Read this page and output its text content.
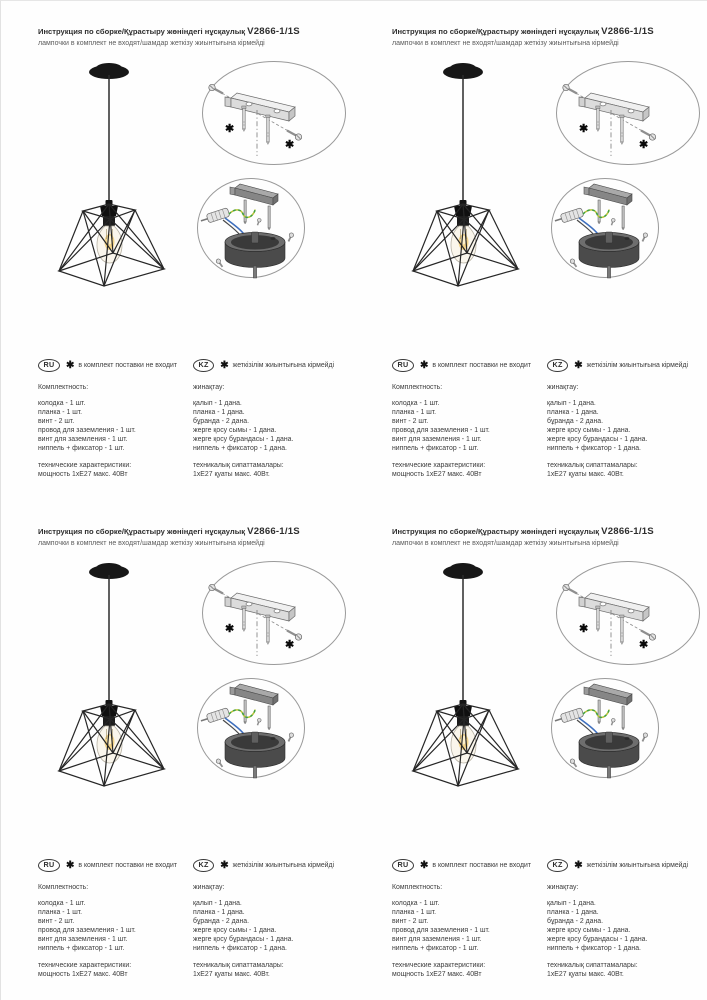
Инструкция по сборке/Құрастыру жөніндегі нұсқаулық V2866-1/1S
лампочки в комплект не входят/шамдар жеткізу жиынтығына кірмейді
✱
✱
RU	✱ в комплект поставки не входит
Комплектность:
колодка - 1 шт.
планка - 1 шт.
винт - 2 шт.
провод для заземления - 1 шт.
винт для заземления - 1 шт.
ниппель + фиксатор - 1 шт.
технические характеристики:
мощность 1хЕ27 макс. 40Вт
KZ	✱ жеткізілім жиынтығына кірмейді
жинақтау:
қалып - 1 дана.
планка - 1 дана.
бұранда - 2 дана.
жерге қосу сымы - 1 дана.
жерге қосу бұрандасы - 1 дана.
ниппель + фиксатор - 1 дана.
техникалық сипаттамалары:
1хЕ27 қуаты макс. 40Вт.
Инструкция по сборке/Құрастыру жөніндегі нұсқаулық V2866-1/1S
лампочки в комплект не входят/шамдар жеткізу жиынтығына кірмейді
✱
✱
RU	✱ в комплект поставки не входит
Комплектность:
колодка - 1 шт.
планка - 1 шт.
винт - 2 шт.
провод для заземления - 1 шт.
винт для заземления - 1 шт.
ниппель + фиксатор - 1 шт.
технические характеристики:
мощность 1хЕ27 макс. 40Вт
KZ	✱ жеткізілім жиынтығына кірмейді
жинақтау:
қалып - 1 дана.
планка - 1 дана.
бұранда - 2 дана.
жерге қосу сымы - 1 дана.
жерге қосу бұрандасы - 1 дана.
ниппель + фиксатор - 1 дана.
техникалық сипаттамалары:
1хЕ27 қуаты макс. 40Вт.
Инструкция по сборке/Құрастыру жөніндегі нұсқаулық V2866-1/1S
лампочки в комплект не входят/шамдар жеткізу жиынтығына кірмейді
✱
✱
RU	✱ в комплект поставки не входит
Комплектность:
колодка - 1 шт.
планка - 1 шт.
винт - 2 шт.
провод для заземления - 1 шт.
винт для заземления - 1 шт.
ниппель + фиксатор - 1 шт.
технические характеристики:
мощность 1хЕ27 макс. 40Вт
KZ	✱ жеткізілім жиынтығына кірмейді
жинақтау:
қалып - 1 дана.
планка - 1 дана.
бұранда - 2 дана.
жерге қосу сымы - 1 дана.
жерге қосу бұрандасы - 1 дана.
ниппель + фиксатор - 1 дана.
техникалық сипаттамалары:
1хЕ27 қуаты макс. 40Вт.
Инструкция по сборке/Құрастыру жөніндегі нұсқаулық V2866-1/1S
лампочки в комплект не входят/шамдар жеткізу жиынтығына кірмейді
✱
✱
RU	✱ в комплект поставки не входит
Комплектность:
колодка - 1 шт.
планка - 1 шт.
винт - 2 шт.
провод для заземления - 1 шт.
винт для заземления - 1 шт.
ниппель + фиксатор - 1 шт.
технические характеристики:
мощность 1хЕ27 макс. 40Вт
KZ	✱ жеткізілім жиынтығына кірмейді
жинақтау:
қалып - 1 дана.
планка - 1 дана.
бұранда - 2 дана.
жерге қосу сымы - 1 дана.
жерге қосу бұрандасы - 1 дана.
ниппель + фиксатор - 1 дана.
техникалық сипаттамалары:
1хЕ27 қуаты макс. 40Вт.
